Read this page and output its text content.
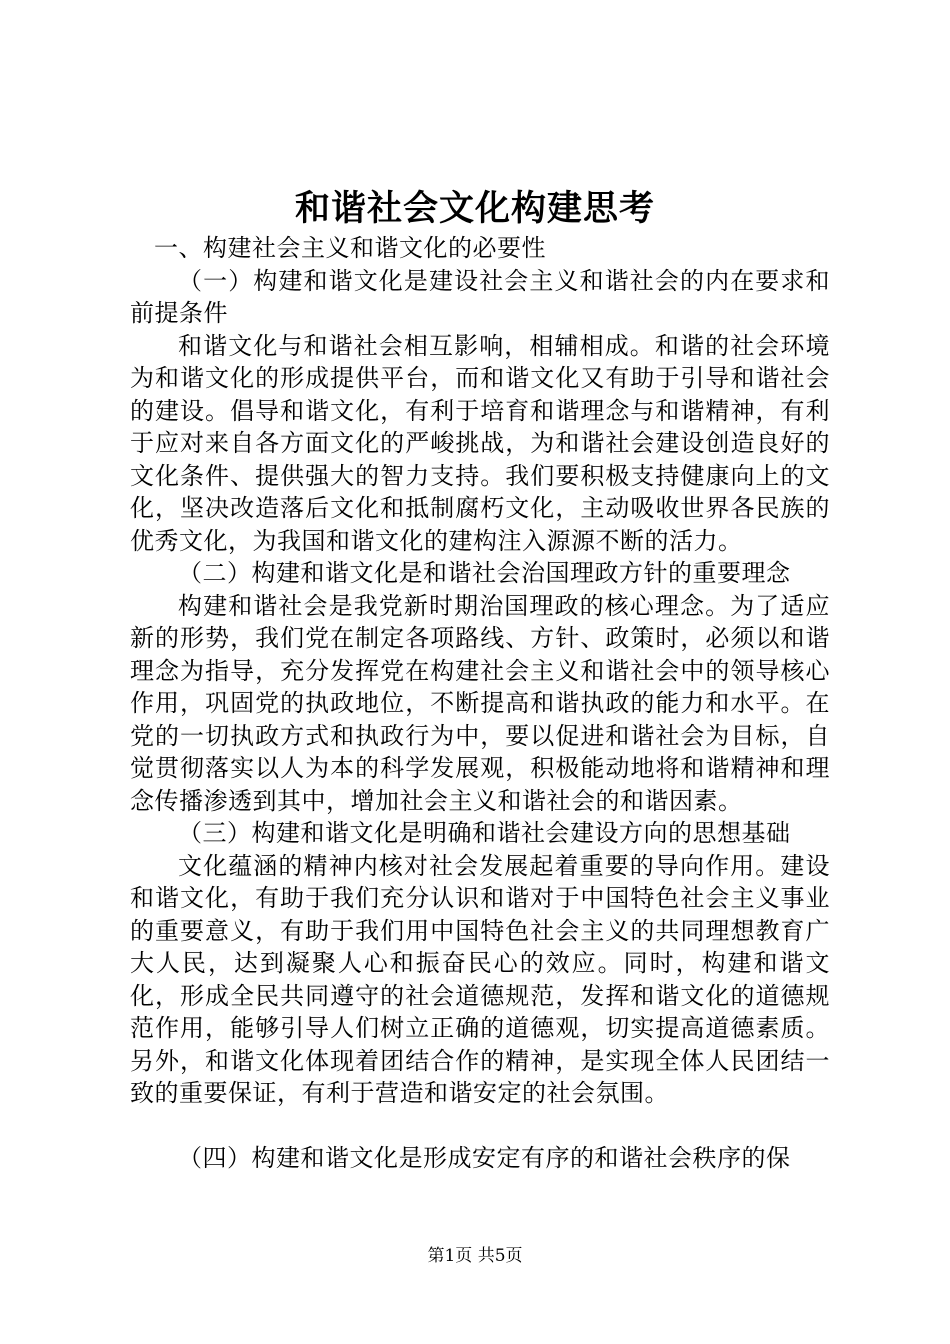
和谐社会文化构建思考

一、构建社会主义和谐文化的必要性

（一）构建和谐文化是建设社会主义和谐社会的内在要求和前提条件

和谐文化与和谐社会相互影响，相辅相成。和谐的社会环境为和谐文化的形成提供平台，而和谐文化又有助于引导和谐社会的建设。倡导和谐文化，有利于培育和谐理念与和谐精神，有利于应对来自各方面文化的严峻挑战，为和谐社会建设创造良好的文化条件、提供强大的智力支持。我们要积极支持健康向上的文化，坚决改造落后文化和抵制腐朽文化，主动吸收世界各民族的优秀文化，为我国和谐文化的建构注入源源不断的活力。

（二）构建和谐文化是和谐社会治国理政方针的重要理念

构建和谐社会是我党新时期治国理政的核心理念。为了适应新的形势，我们党在制定各项路线、方针、政策时，必须以和谐理念为指导，充分发挥党在构建社会主义和谐社会中的领导核心作用，巩固党的执政地位，不断提高和谐执政的能力和水平。在党的一切执政方式和执政行为中，要以促进和谐社会为目标，自觉贯彻落实以人为本的科学发展观，积极能动地将和谐精神和理念传播渗透到其中，增加社会主义和谐社会的和谐因素。

（三）构建和谐文化是明确和谐社会建设方向的思想基础

文化蕴涵的精神内核对社会发展起着重要的导向作用。建设和谐文化，有助于我们充分认识和谐对于中国特色社会主义事业的重要意义，有助于我们用中国特色社会主义的共同理想教育广大人民，达到凝聚人心和振奋民心的效应。同时，构建和谐文化，形成全民共同遵守的社会道德规范，发挥和谐文化的道德规范作用，能够引导人们树立正确的道德观，切实提高道德素质。另外，和谐文化体现着团结合作的精神，是实现全体人民团结一致的重要保证，有利于营造和谐安定的社会氛围。

（四）构建和谐文化是形成安定有序的和谐社会秩序的保

第1页 共5页
